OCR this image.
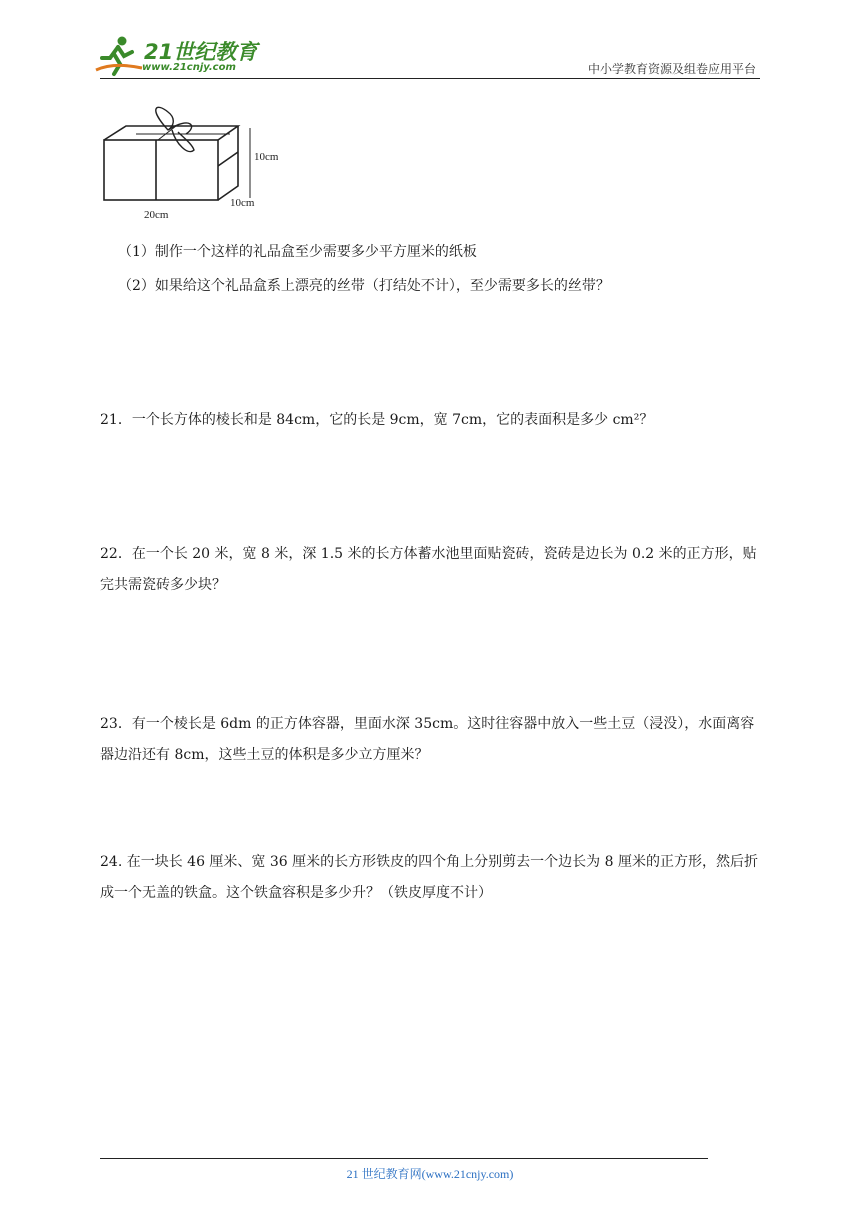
21世纪教育
www.21cnjy.com	中小学教育资源及组卷应用平台
10cm
10cm
20cm
（1）制作一个这样的礼品盒至少需要多少平方厘米的纸板
（2）如果给这个礼品盒系上漂亮的丝带（打结处不计），至少需要多长的丝带？
21．一个长方体的棱长和是 84cm，它的长是 9cm，宽 7cm，它的表面积是多少 cm²？
22．在一个长 20 米，宽 8 米，深 1.5 米的长方体蓄水池里面贴瓷砖，瓷砖是边长为 0.2 米的正方形，贴完共需瓷砖多少块？
23．有一个棱长是 6dm 的正方体容器，里面水深 35cm。这时往容器中放入一些土豆（浸没），水面离容器边沿还有 8cm，这些土豆的体积是多少立方厘米？
24. 在一块长 46 厘米、宽 36 厘米的长方形铁皮的四个角上分别剪去一个边长为 8 厘米的正方形，然后折成一个无盖的铁盒。这个铁盒容积是多少升？（铁皮厚度不计）
21 世纪教育网(www.21cnjy.com)
